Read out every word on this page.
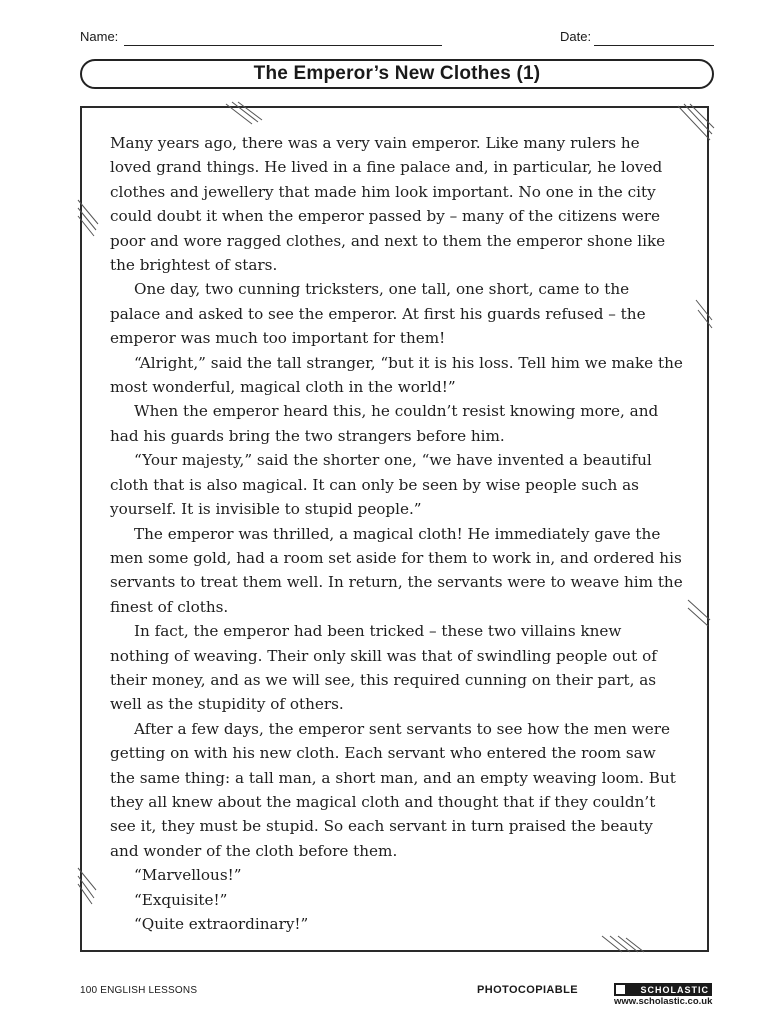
Name:	Date:
The Emperor’s New Clothes (1)

Many years ago, there was a very vain emperor. Like many rulers he loved grand things. He lived in a fine palace and, in particular, he loved clothes and jewellery that made him look important. No one in the city could doubt it when the emperor passed by – many of the citizens were poor and wore ragged clothes, and next to them the emperor shone like the brightest of stars.

One day, two cunning tricksters, one tall, one short, came to the palace and asked to see the emperor. At first his guards refused – the emperor was much too important for them!

“Alright,” said the tall stranger, “but it is his loss. Tell him we make the most wonderful, magical cloth in the world!”

When the emperor heard this, he couldn’t resist knowing more, and had his guards bring the two strangers before him.

“Your majesty,” said the shorter one, “we have invented a beautiful cloth that is also magical. It can only be seen by wise people such as yourself. It is invisible to stupid people.”

The emperor was thrilled, a magical cloth! He immediately gave the men some gold, had a room set aside for them to work in, and ordered his servants to treat them well. In return, the servants were to weave him the finest of cloths.

In fact, the emperor had been tricked – these two villains knew nothing of weaving. Their only skill was that of swindling people out of their money, and as we will see, this required cunning on their part, as well as the stupidity of others.

After a few days, the emperor sent servants to see how the men were getting on with his new cloth. Each servant who entered the room saw the same thing: a tall man, a short man, and an empty weaving loom. But they all knew about the magical cloth and thought that if they couldn’t see it, they must be stupid. So each servant in turn praised the beauty and wonder of the cloth before them.

“Marvellous!”

“Exquisite!”

“Quite extraordinary!”

100 ENGLISH LESSONS	PHOTOCOPIABLE	SCHOLASTIC
www.scholastic.co.uk
